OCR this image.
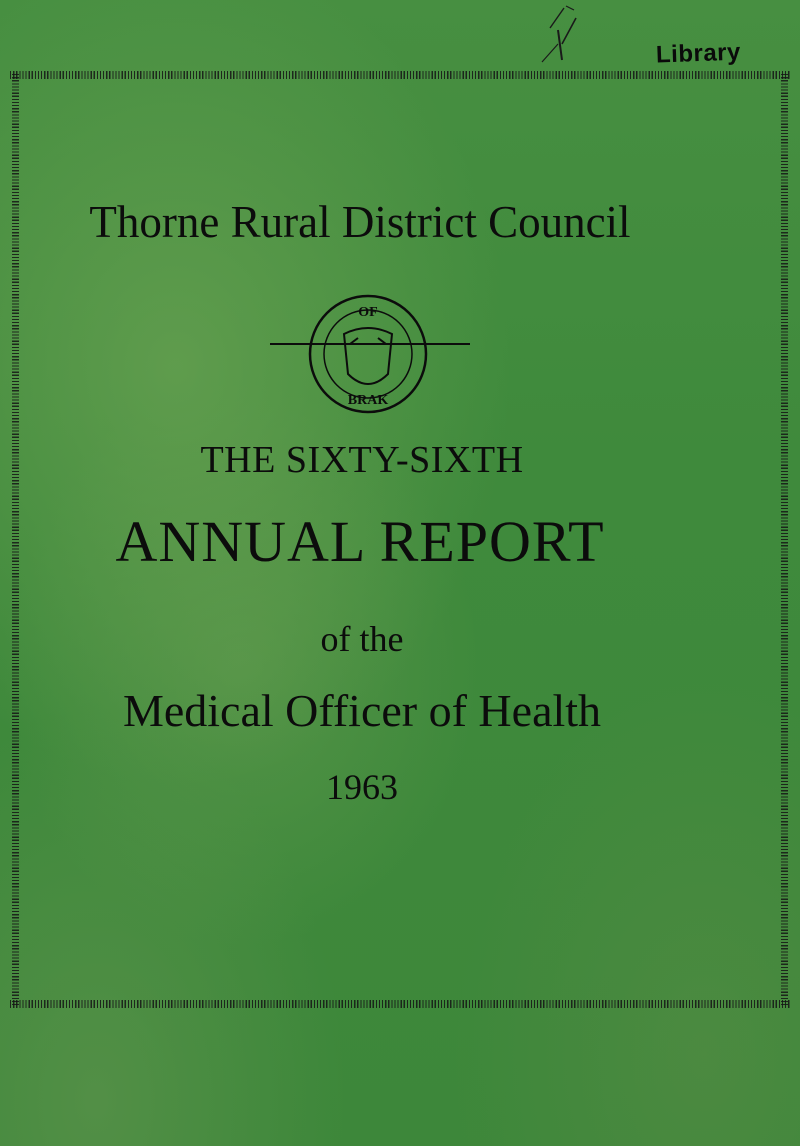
Library
Thorne Rural District Council
OF
BRAK
THE SIXTY-SIXTH
ANNUAL REPORT
of the
Medical Officer of Health
1963
